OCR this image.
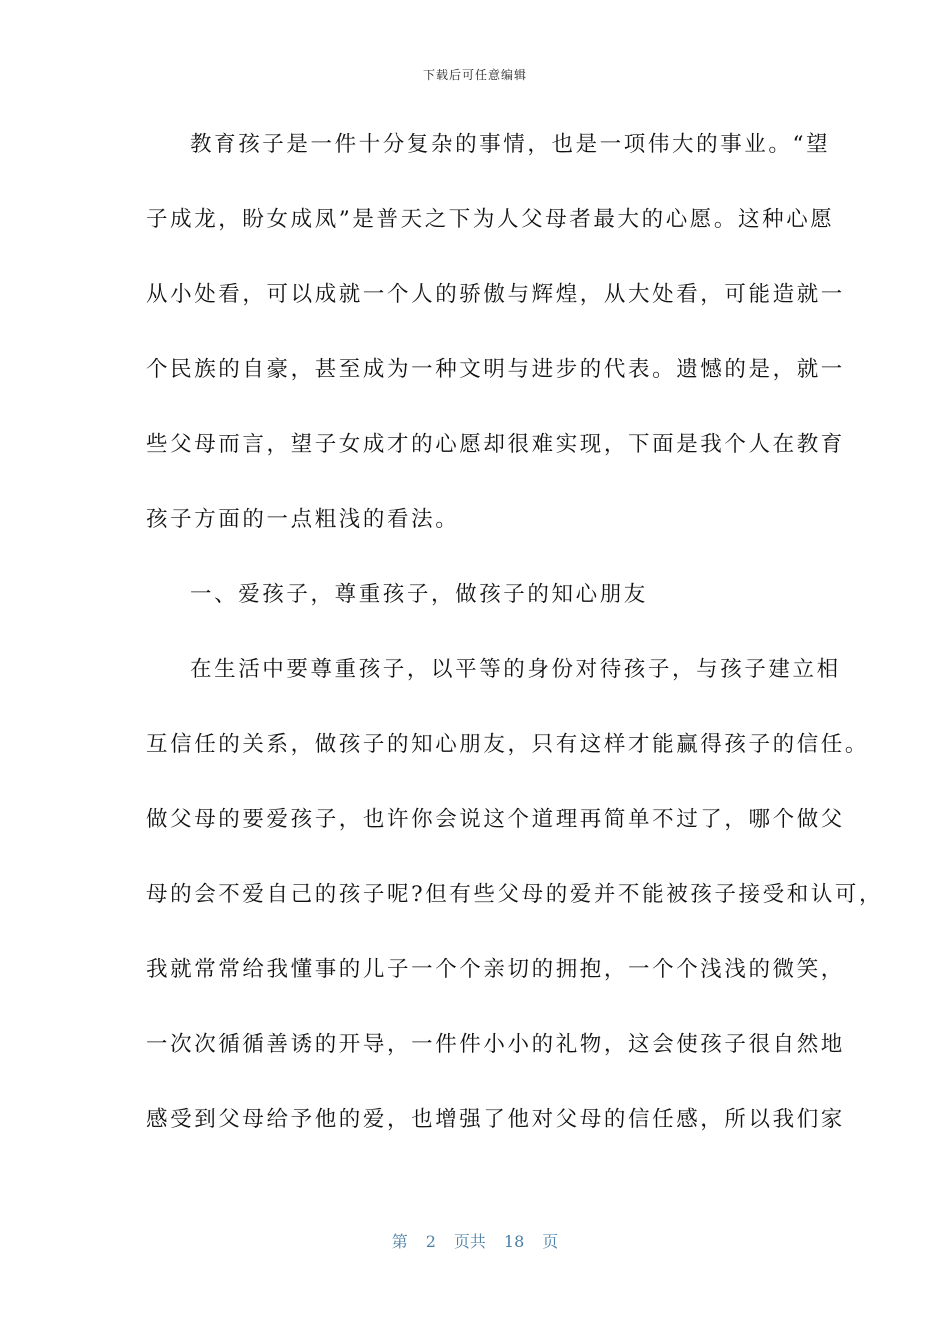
下载后可任意编辑
教育孩子是一件十分复杂的事情，也是一项伟大的事业。“望
子成龙，盼女成凤”是普天之下为人父母者最大的心愿。这种心愿
从小处看，可以成就一个人的骄傲与辉煌，从大处看，可能造就一
个民族的自豪，甚至成为一种文明与进步的代表。遗憾的是，就一
些父母而言，望子女成才的心愿却很难实现，下面是我个人在教育
孩子方面的一点粗浅的看法。
一、爱孩子，尊重孩子，做孩子的知心朋友
在生活中要尊重孩子，以平等的身份对待孩子，与孩子建立相
互信任的关系，做孩子的知心朋友，只有这样才能赢得孩子的信任。
做父母的要爱孩子，也许你会说这个道理再简单不过了，哪个做父
母的会不爱自己的孩子呢?但有些父母的爱并不能被孩子接受和认可，
我就常常给我懂事的儿子一个个亲切的拥抱，一个个浅浅的微笑，
一次次循循善诱的开导，一件件小小的礼物，这会使孩子很自然地
感受到父母给予他的爱，也增强了他对父母的信任感，所以我们家
第 2 页共 18 页
